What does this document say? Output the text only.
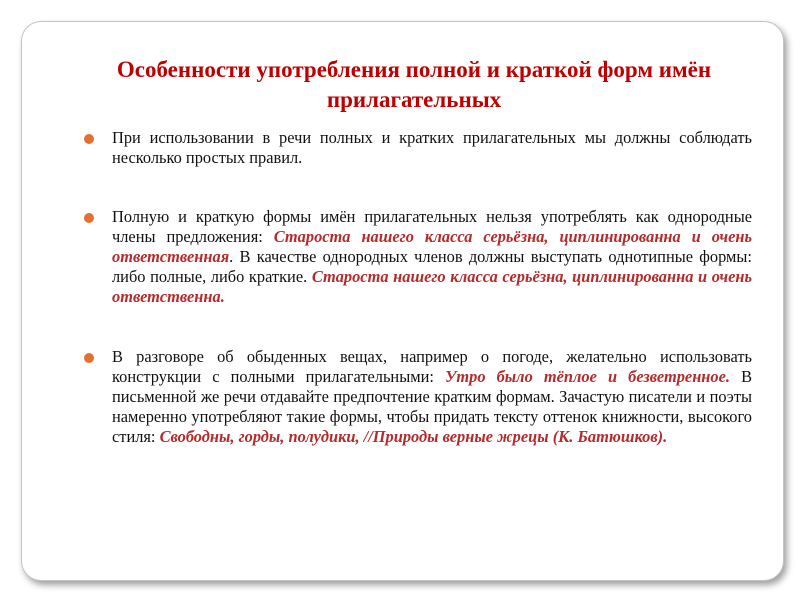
Особенности употребления полной и краткой форм имён прилагательных
При использовании в речи полных и кратких прилагательных мы должны соблюдать несколько простых правил.
Полную и краткую формы имён прилагательных нельзя употреблять как однородные члены предложения: Староста нашего класса серьёзна, циплинированна и очень ответственная. В качестве однородных членов должны выступать однотипные формы: либо полные, либо краткие. Староста нашего класса серьёзна, циплинированна и очень ответственна.
В разговоре об обыденных вещах, например о погоде, желательно использовать конструкции с полными прилагательными: Утро было тёплое и безветренное. В письменной же речи отдавайте предпочтение кратким формам. Зачастую писатели и поэты намеренно употребляют такие формы, чтобы придать тексту оттенок книжности, высокого стиля: Свободны, горды, полудики, //Природы верные жрецы (К. Батюшков).
